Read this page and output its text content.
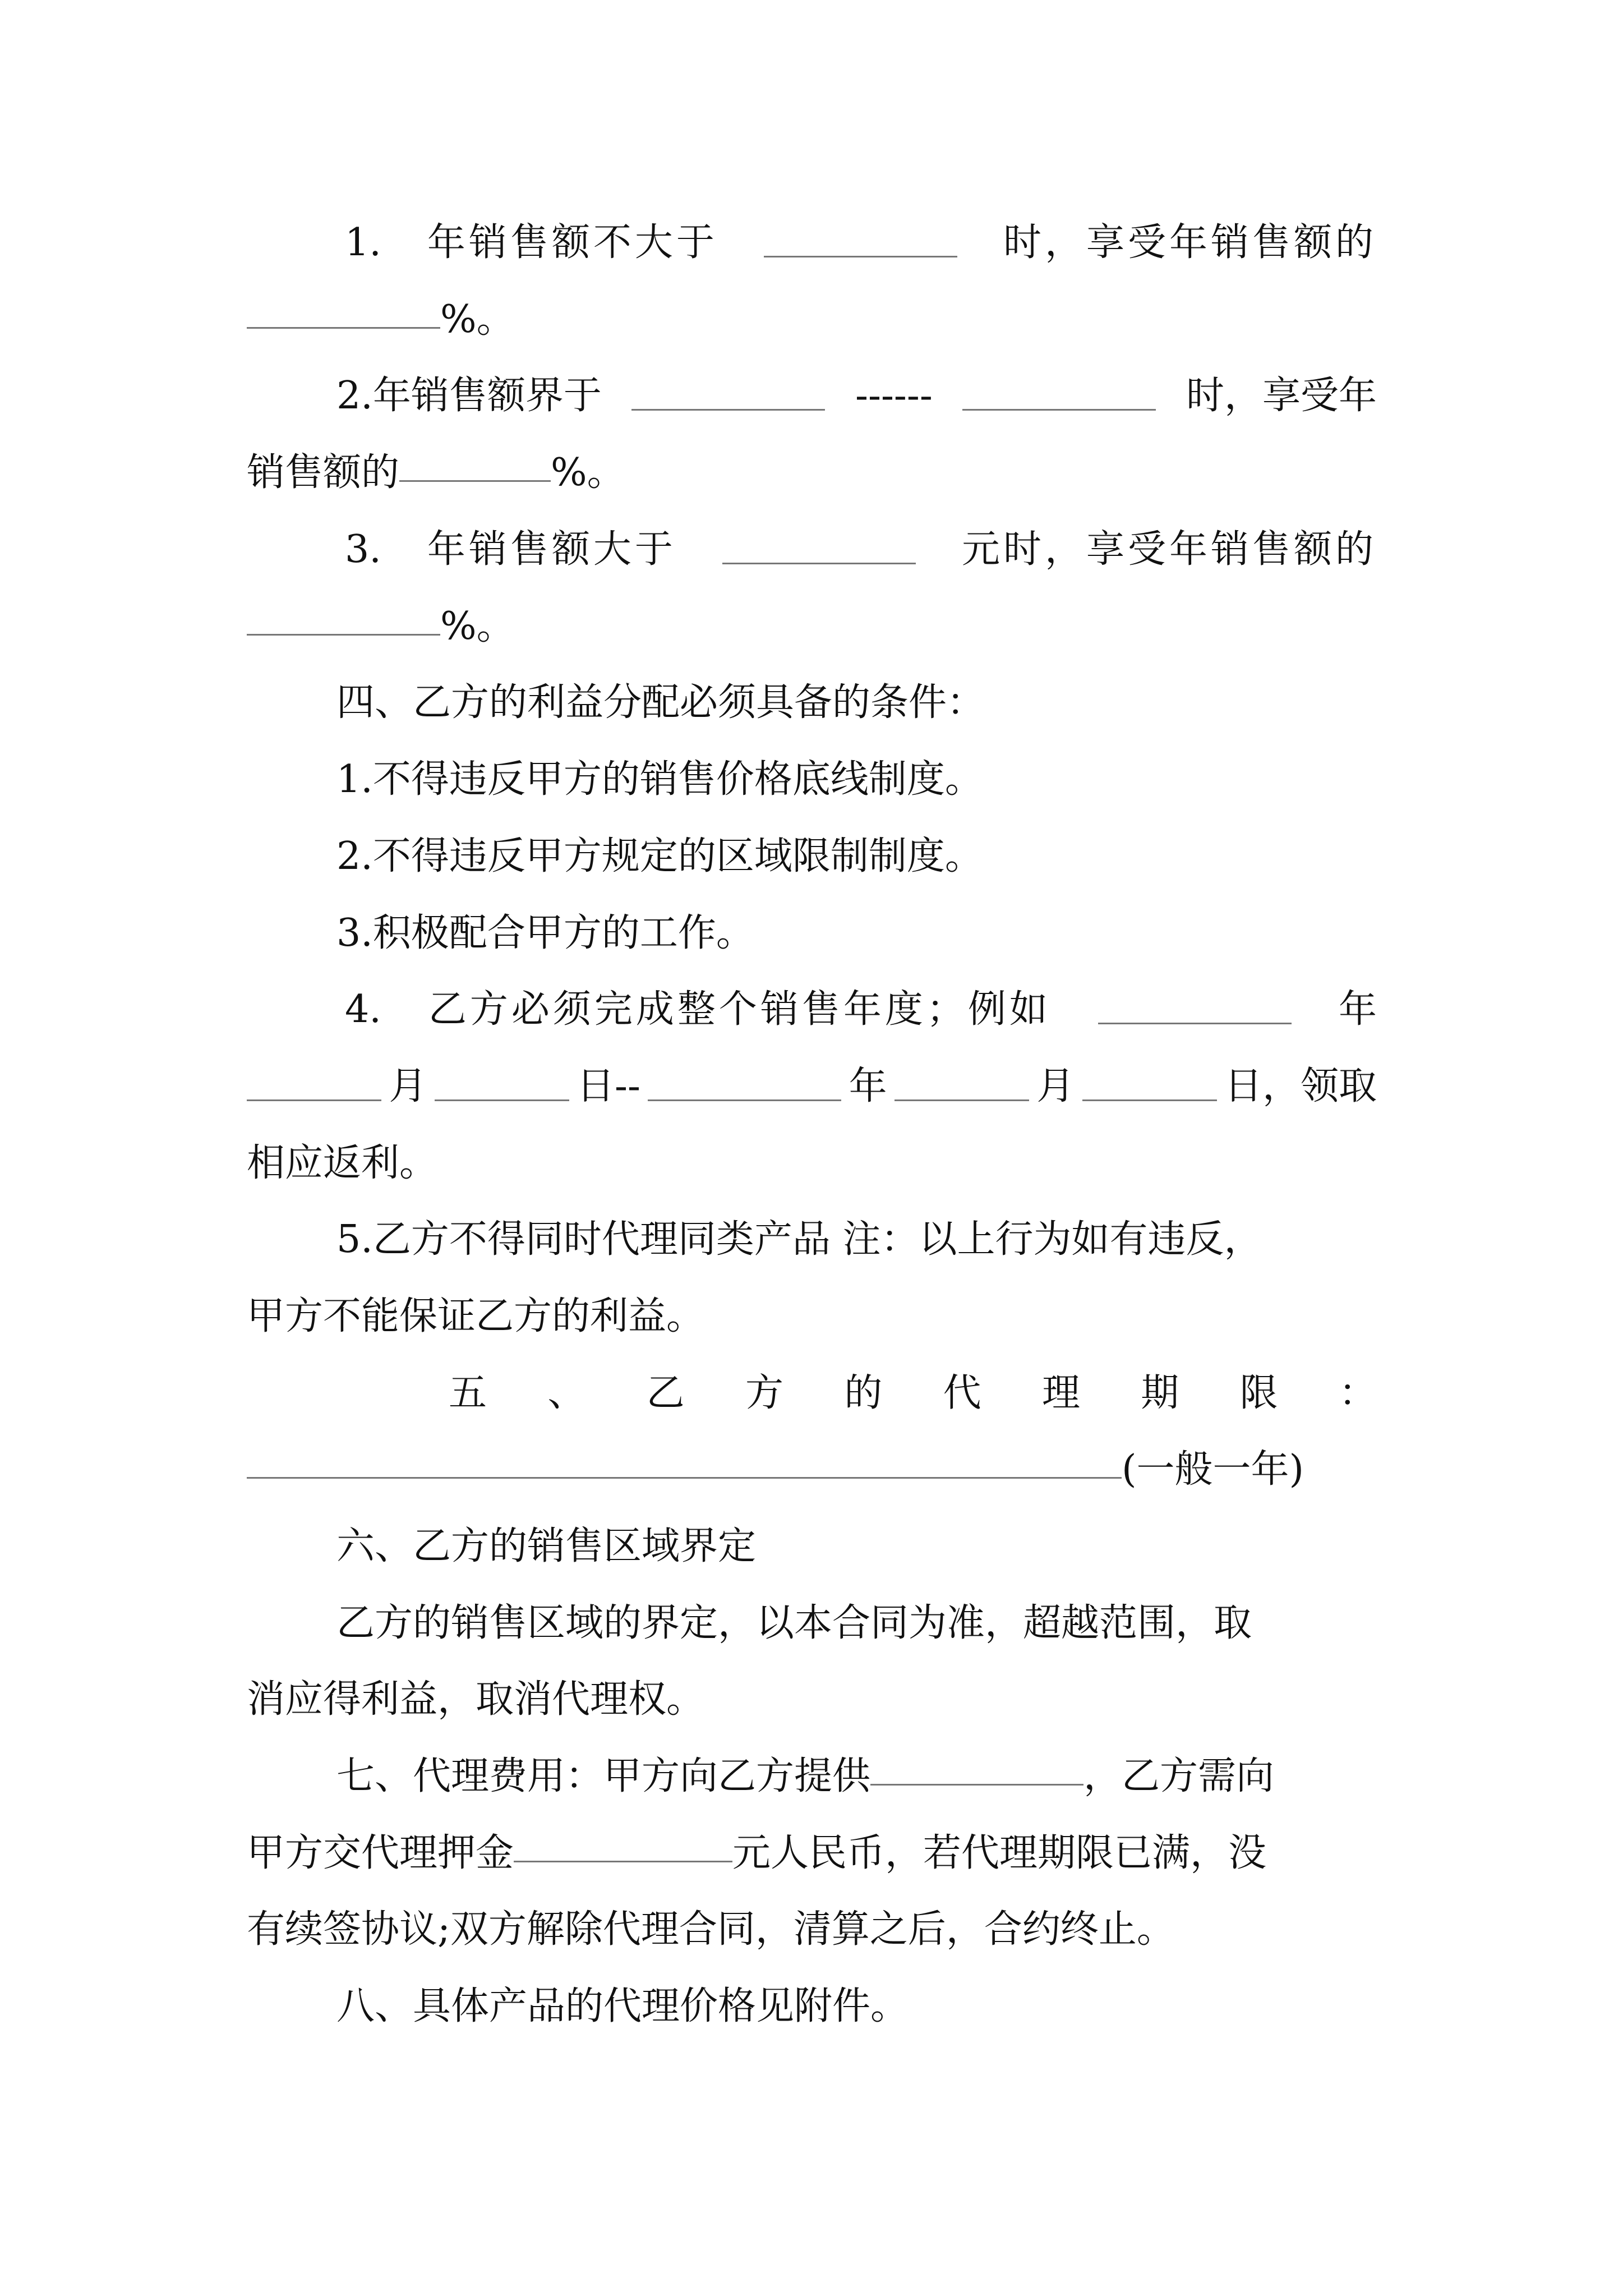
1. 年销售额不大于	时，享受年销售额的
%。
2.年销售额界于	------	时，享受年
销售额的	%。
3. 年销售额大于	元时，享受年销售额的
%。
四、乙方的利益分配必须具备的条件：
1.不得违反甲方的销售价格底线制度。
2.不得违反甲方规定的区域限制制度。
3.积极配合甲方的工作。
4. 乙方必须完成整个销售年度；例如	年
月	日--	年	月	日，领取
相应返利。
5.乙方不得同时代理同类产品 注：以上行为如有违反，
甲方不能保证乙方的利益。
五 、 乙 方 的 代 理 期 限 ：
(一般一年)
六、乙方的销售区域界定
乙方的销售区域的界定，以本合同为准，超越范围，取
消应得利益，取消代理权。
七、代理费用：甲方向乙方提供	，乙方需向
甲方交代理押金	元人民币，若代理期限已满，没
有续签协议;双方解除代理合同，清算之后，合约终止。
八、具体产品的代理价格见附件。
